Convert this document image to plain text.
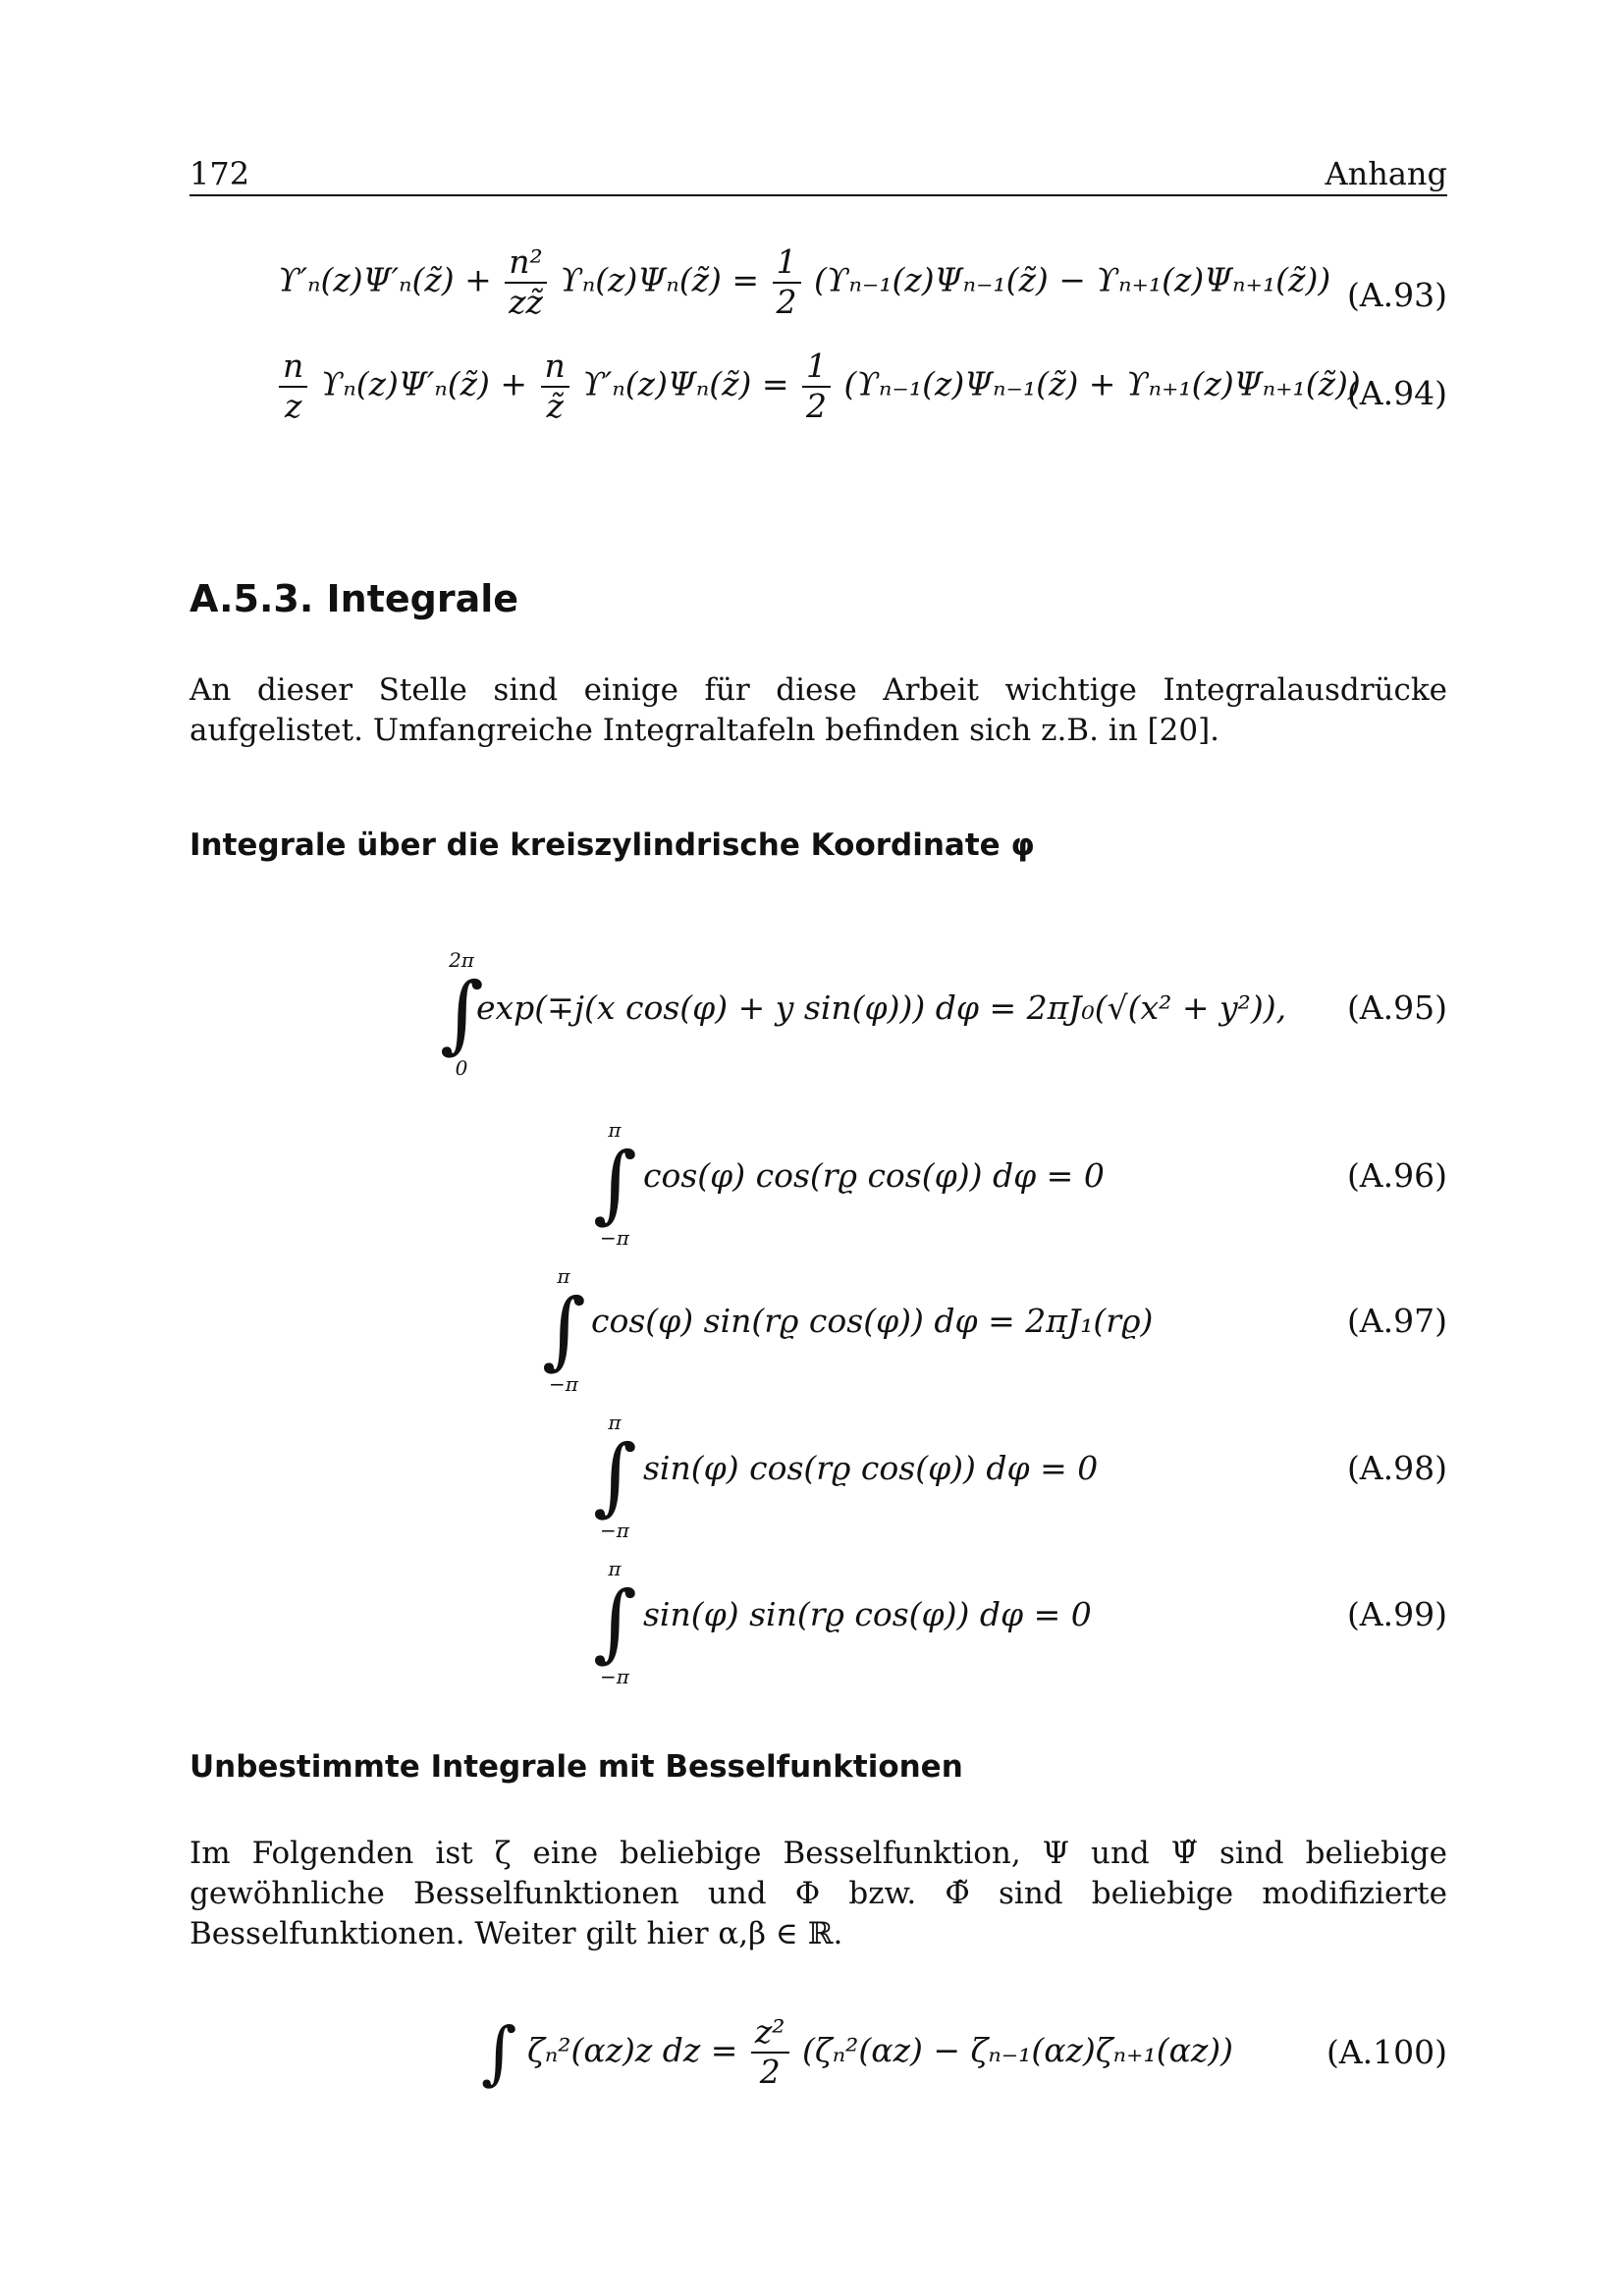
172	Anhang
ϒ′ₙ(z)Ψ′ₙ(z̃) + $\frac{\text{n²}}{zz̃}$ ϒₙ(z)Ψₙ(z̃) = $\frac{1}{2}$ (ϒₙ₋₁(z)Ψₙ₋₁(z̃) − ϒₙ₊₁(z)Ψₙ₊₁(z̃)) (A.93)
$\frac{n}{z}$ ϒₙ(z)Ψ′ₙ(z̃) + $\frac{n}{z̃}$ ϒ′ₙ(z)Ψₙ(z̃) = $\frac{1}{2}$ (ϒₙ₋₁(z)Ψₙ₋₁(z̃) + ϒₙ₊₁(z)Ψₙ₊₁(z̃))
(A.94)
A.5.3. Integrale
An dieser Stelle sind einige für diese Arbeit wichtige Integralausdrücke aufgelistet. Umfangreiche Integraltafeln befinden sich z.B. in [20].
Integrale über die kreiszylindrische Koordinate φ
2π
∫
0
exp(∓j(x cos(φ) + y sin(φ))) dφ = 2πJ₀(√(x² + y²)), (A.95)
π
∫
−π
cos(φ) cos(rϱ cos(φ)) dφ = 0	(A.96)
π
∫
−π
cos(φ) sin(rϱ cos(φ)) dφ = 2πJ₁(rϱ)	(A.97)
π
∫
−π
sin(φ) cos(rϱ cos(φ)) dφ = 0	(A.98)
π
∫
−π
sin(φ) sin(rϱ cos(φ)) dφ = 0	(A.99)
Unbestimmte Integrale mit Besselfunktionen
Im Folgenden ist ζ eine beliebige Besselfunktion, Ψ und Ψ̃ sind beliebige gewöhnliche Besselfunktionen und Φ bzw. Φ̃ sind beliebige modifizierte Besselfunktionen. Weiter gilt hier α,β ∈ ℝ.
∫ ζₙ²(αz)z dz = $\frac{\text{z²}}{2} (\zeta_n^2(\alpha z) - \zeta_{n-1}(\alpha z)\zeta_{n+1}(\alpha z))$	(A.100)
